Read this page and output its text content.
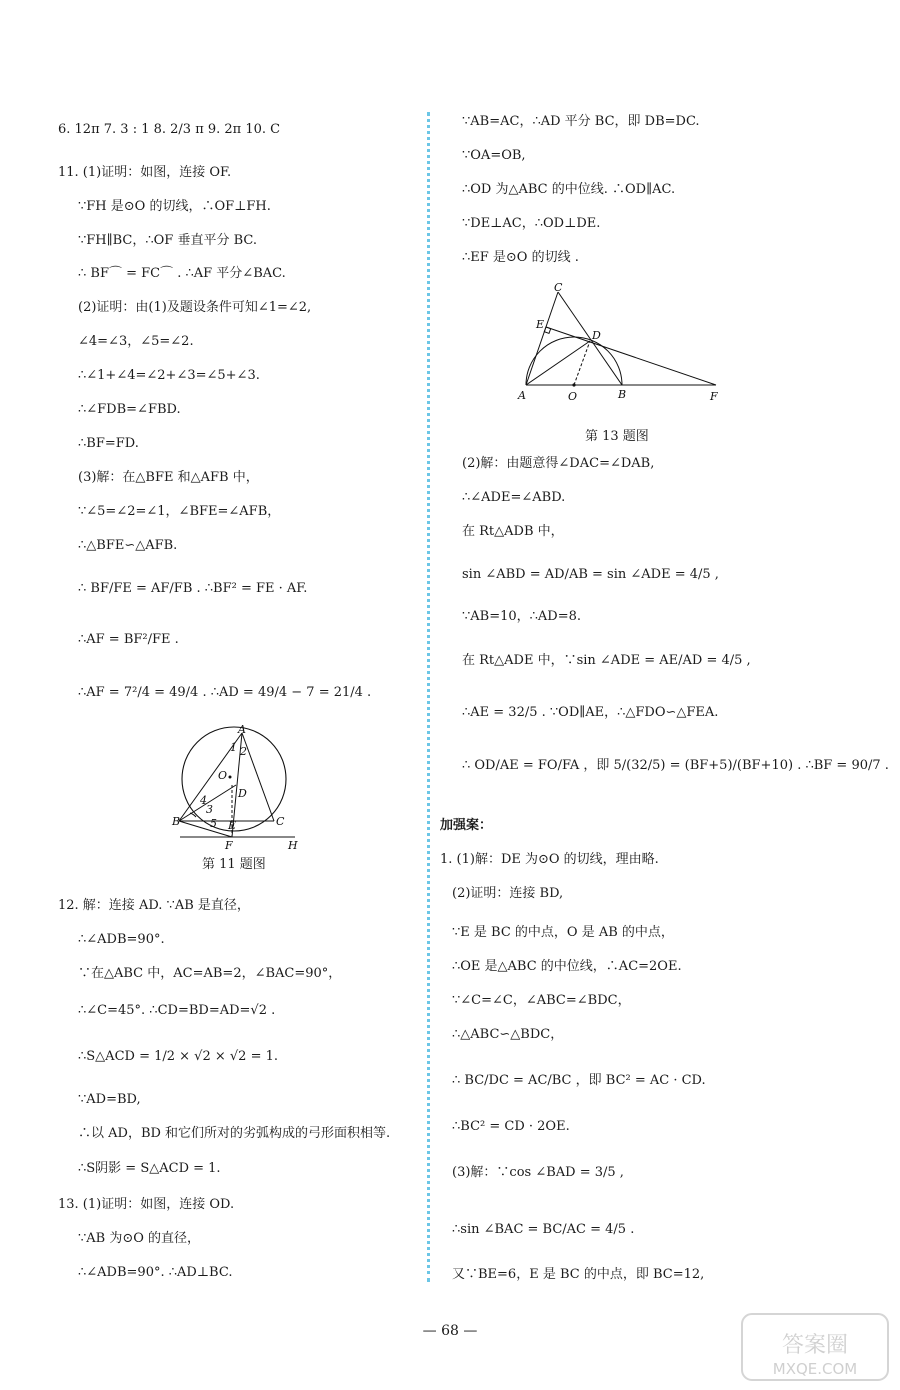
A
1 2
O
D
4
3
B	5 E	C
F	H
第 11 题图
C
E
D
A	O	B	F
第 13 题图
— 68 —
答案圈
MXQE.COM
6. 12π 7. 3 : 1 8. 2/3 π 9. 2π 10. C
11. (1)证明：如图，连接 OF.
∵FH 是⊙O 的切线，∴OF⊥FH.
∵FH∥BC，∴OF 垂直平分 BC.
∴ BF⌒ = FC⌒ . ∴AF 平分∠BAC.
(2)证明：由(1)及题设条件可知∠1=∠2,
∠4=∠3，∠5=∠2.
∴∠1+∠4=∠2+∠3=∠5+∠3.
∴∠FDB=∠FBD.
∴BF=FD.
(3)解：在△BFE 和△AFB 中，
∵∠5=∠2=∠1，∠BFE=∠AFB，
∴△BFE∽△AFB.
∴ BF/FE = AF/FB . ∴BF² = FE · AF.
∴AF = BF²/FE .
∴AF = 7²/4 = 49/4 . ∴AD = 49/4 − 7 = 21/4 .
12. 解：连接 AD. ∵AB 是直径，
∴∠ADB=90°.
∵在△ABC 中，AC=AB=2，∠BAC=90°，
∴∠C=45°. ∴CD=BD=AD=√2 .
∴S△ACD = 1/2 × √2 × √2 = 1.
∵AD=BD,
∴以 AD，BD 和它们所对的劣弧构成的弓形面积相等.
∴S阴影 = S△ACD = 1.
13. (1)证明：如图，连接 OD.
∵AB 为⊙O 的直径，
∴∠ADB=90°. ∴AD⊥BC.
∵AB=AC，∴AD 平分 BC，即 DB=DC.
∵OA=OB,
∴OD 为△ABC 的中位线. ∴OD∥AC.
∵DE⊥AC，∴OD⊥DE.
∴EF 是⊙O 的切线 .
(2)解：由题意得∠DAC=∠DAB,
∴∠ADE=∠ABD.
在 Rt△ADB 中，
sin ∠ABD = AD/AB = sin ∠ADE = 4/5 ,
∵AB=10，∴AD=8.
在 Rt△ADE 中，∵sin ∠ADE = AE/AD = 4/5 ,
∴AE = 32/5 . ∵OD∥AE，∴△FDO∽△FEA.
∴ OD/AE = FO/FA ，即 5/(32/5) = (BF+5)/(BF+10) . ∴BF = 90/7 .
加强案：
1. (1)解：DE 为⊙O 的切线，理由略.
(2)证明：连接 BD,
∵E 是 BC 的中点，O 是 AB 的中点，
∴OE 是△ABC 的中位线，∴AC=2OE.
∵∠C=∠C，∠ABC=∠BDC，
∴△ABC∽△BDC，
∴ BC/DC = AC/BC ，即 BC² = AC · CD.
∴BC² = CD · 2OE.
(3)解：∵cos ∠BAD = 3/5 ,
∴sin ∠BAC = BC/AC = 4/5 .
又∵BE=6，E 是 BC 的中点，即 BC=12,
